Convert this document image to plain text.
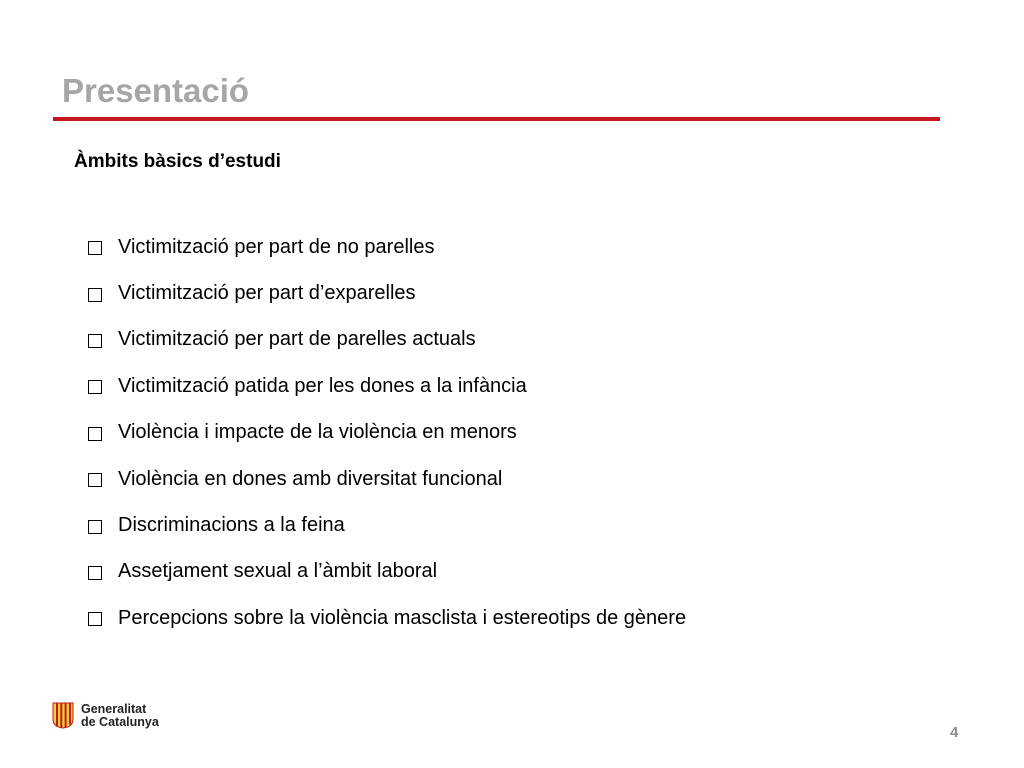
Presentació
Àmbits bàsics d’estudi
Victimització per part de no parelles
Victimització per part d’exparelles
Victimització per part de parelles actuals
Victimització patida per les dones a la infància
Violència i impacte de la violència en menors
Violència en dones amb diversitat funcional
Discriminacions a la feina
Assetjament sexual a l’àmbit laboral
Percepcions sobre la violència masclista i estereotips de gènere
Generalitat
de Catalunya
4
